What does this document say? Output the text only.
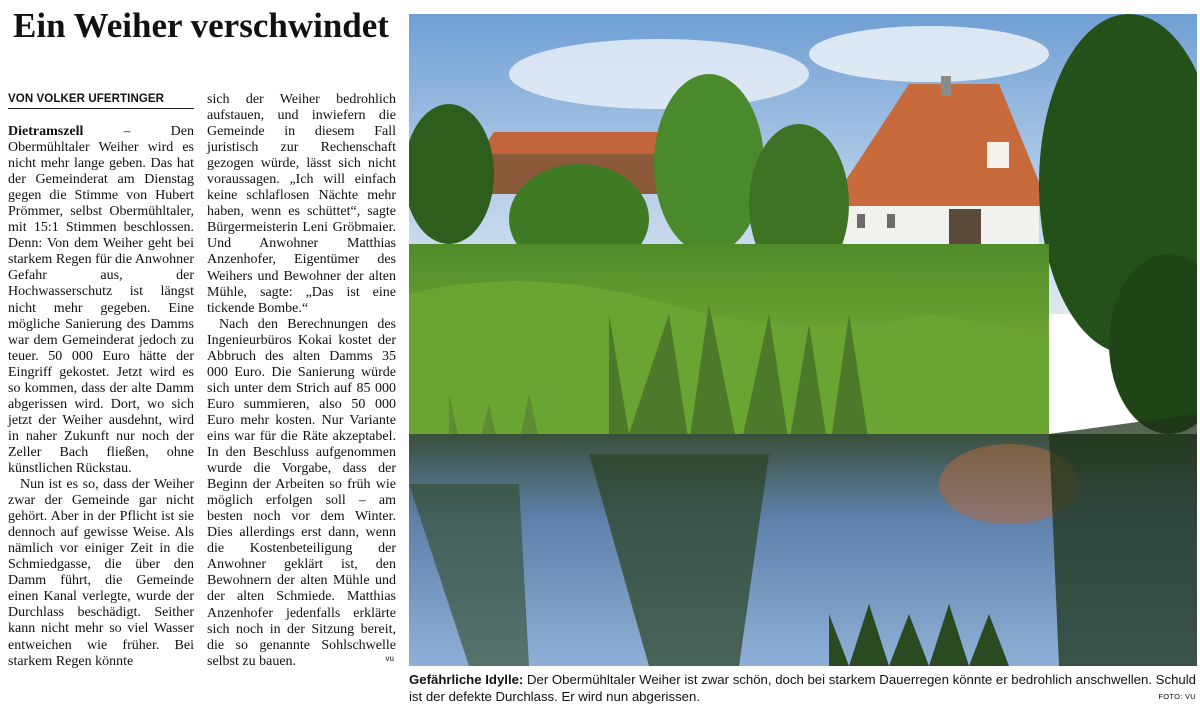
Ein Weiher verschwindet
VON VOLKER UFERTINGER

Dietramszell – Den Obermühltaler Weiher wird es nicht mehr lange geben. Das hat der Gemeinderat am Dienstag gegen die Stimme von Hubert Prömmer, selbst Obermühltaler, mit 15:1 Stimmen beschlossen. Denn: Von dem Weiher geht bei starkem Regen für die Anwohner Gefahr aus, der Hochwasserschutz ist längst nicht mehr gegeben. Eine mögliche Sanierung des Damms war dem Gemeinderat jedoch zu teuer. 50 000 Euro hätte der Eingriff gekostet. Jetzt wird es so kommen, dass der alte Damm abgerissen wird. Dort, wo sich jetzt der Weiher ausdehnt, wird in naher Zukunft nur noch der Zeller Bach fließen, ohne künstlichen Rückstau.

Nun ist es so, dass der Weiher zwar der Gemeinde gar nicht gehört. Aber in der Pflicht ist sie dennoch auf gewisse Weise. Als nämlich vor einiger Zeit in die Schmiedgasse, die über den Damm führt, die Gemeinde einen Kanal verlegte, wurde der Durchlass beschädigt. Seither kann nicht mehr so viel Wasser entweichen wie früher. Bei starkem Regen könnte

sich der Weiher bedrohlich aufstauen, und inwiefern die Gemeinde in diesem Fall juristisch zur Rechenschaft gezogen würde, lässt sich nicht voraussagen. „Ich will einfach keine schlaflosen Nächte mehr haben, wenn es schüttet“, sagte Bürgermeisterin Leni Gröbmaier. Und Anwohner Matthias Anzenhofer, Eigentümer des Weihers und Bewohner der alten Mühle, sagte: „Das ist eine tickende Bombe.“

Nach den Berechnungen des Ingenieurbüros Kokai kostet der Abbruch des alten Damms 35 000 Euro. Die Sanierung würde sich unter dem Strich auf 85 000 Euro summieren, also 50 000 Euro mehr kosten. Nur Variante eins war für die Räte akzeptabel. In den Beschluss aufgenommen wurde die Vorgabe, dass der Beginn der Arbeiten so früh wie möglich erfolgen soll – am besten noch vor dem Winter. Dies allerdings erst dann, wenn die Kostenbeteiligung der Anwohner geklärt ist, den Bewohnern der alten Mühle und der alten Schmiede. Matthias Anzenhofer jedenfalls erklärte sich noch in der Sitzung bereit, die so genannte Sohlschwelle selbst zu bauen.	vu
Gefährliche Idylle: Der Obermühltaler Weiher ist zwar schön, doch bei starkem Dauerregen könnte er bedrohlich anschwellen. Schuld ist der defekte Durchlass. Er wird nun abgerissen.	FOTO: VU
